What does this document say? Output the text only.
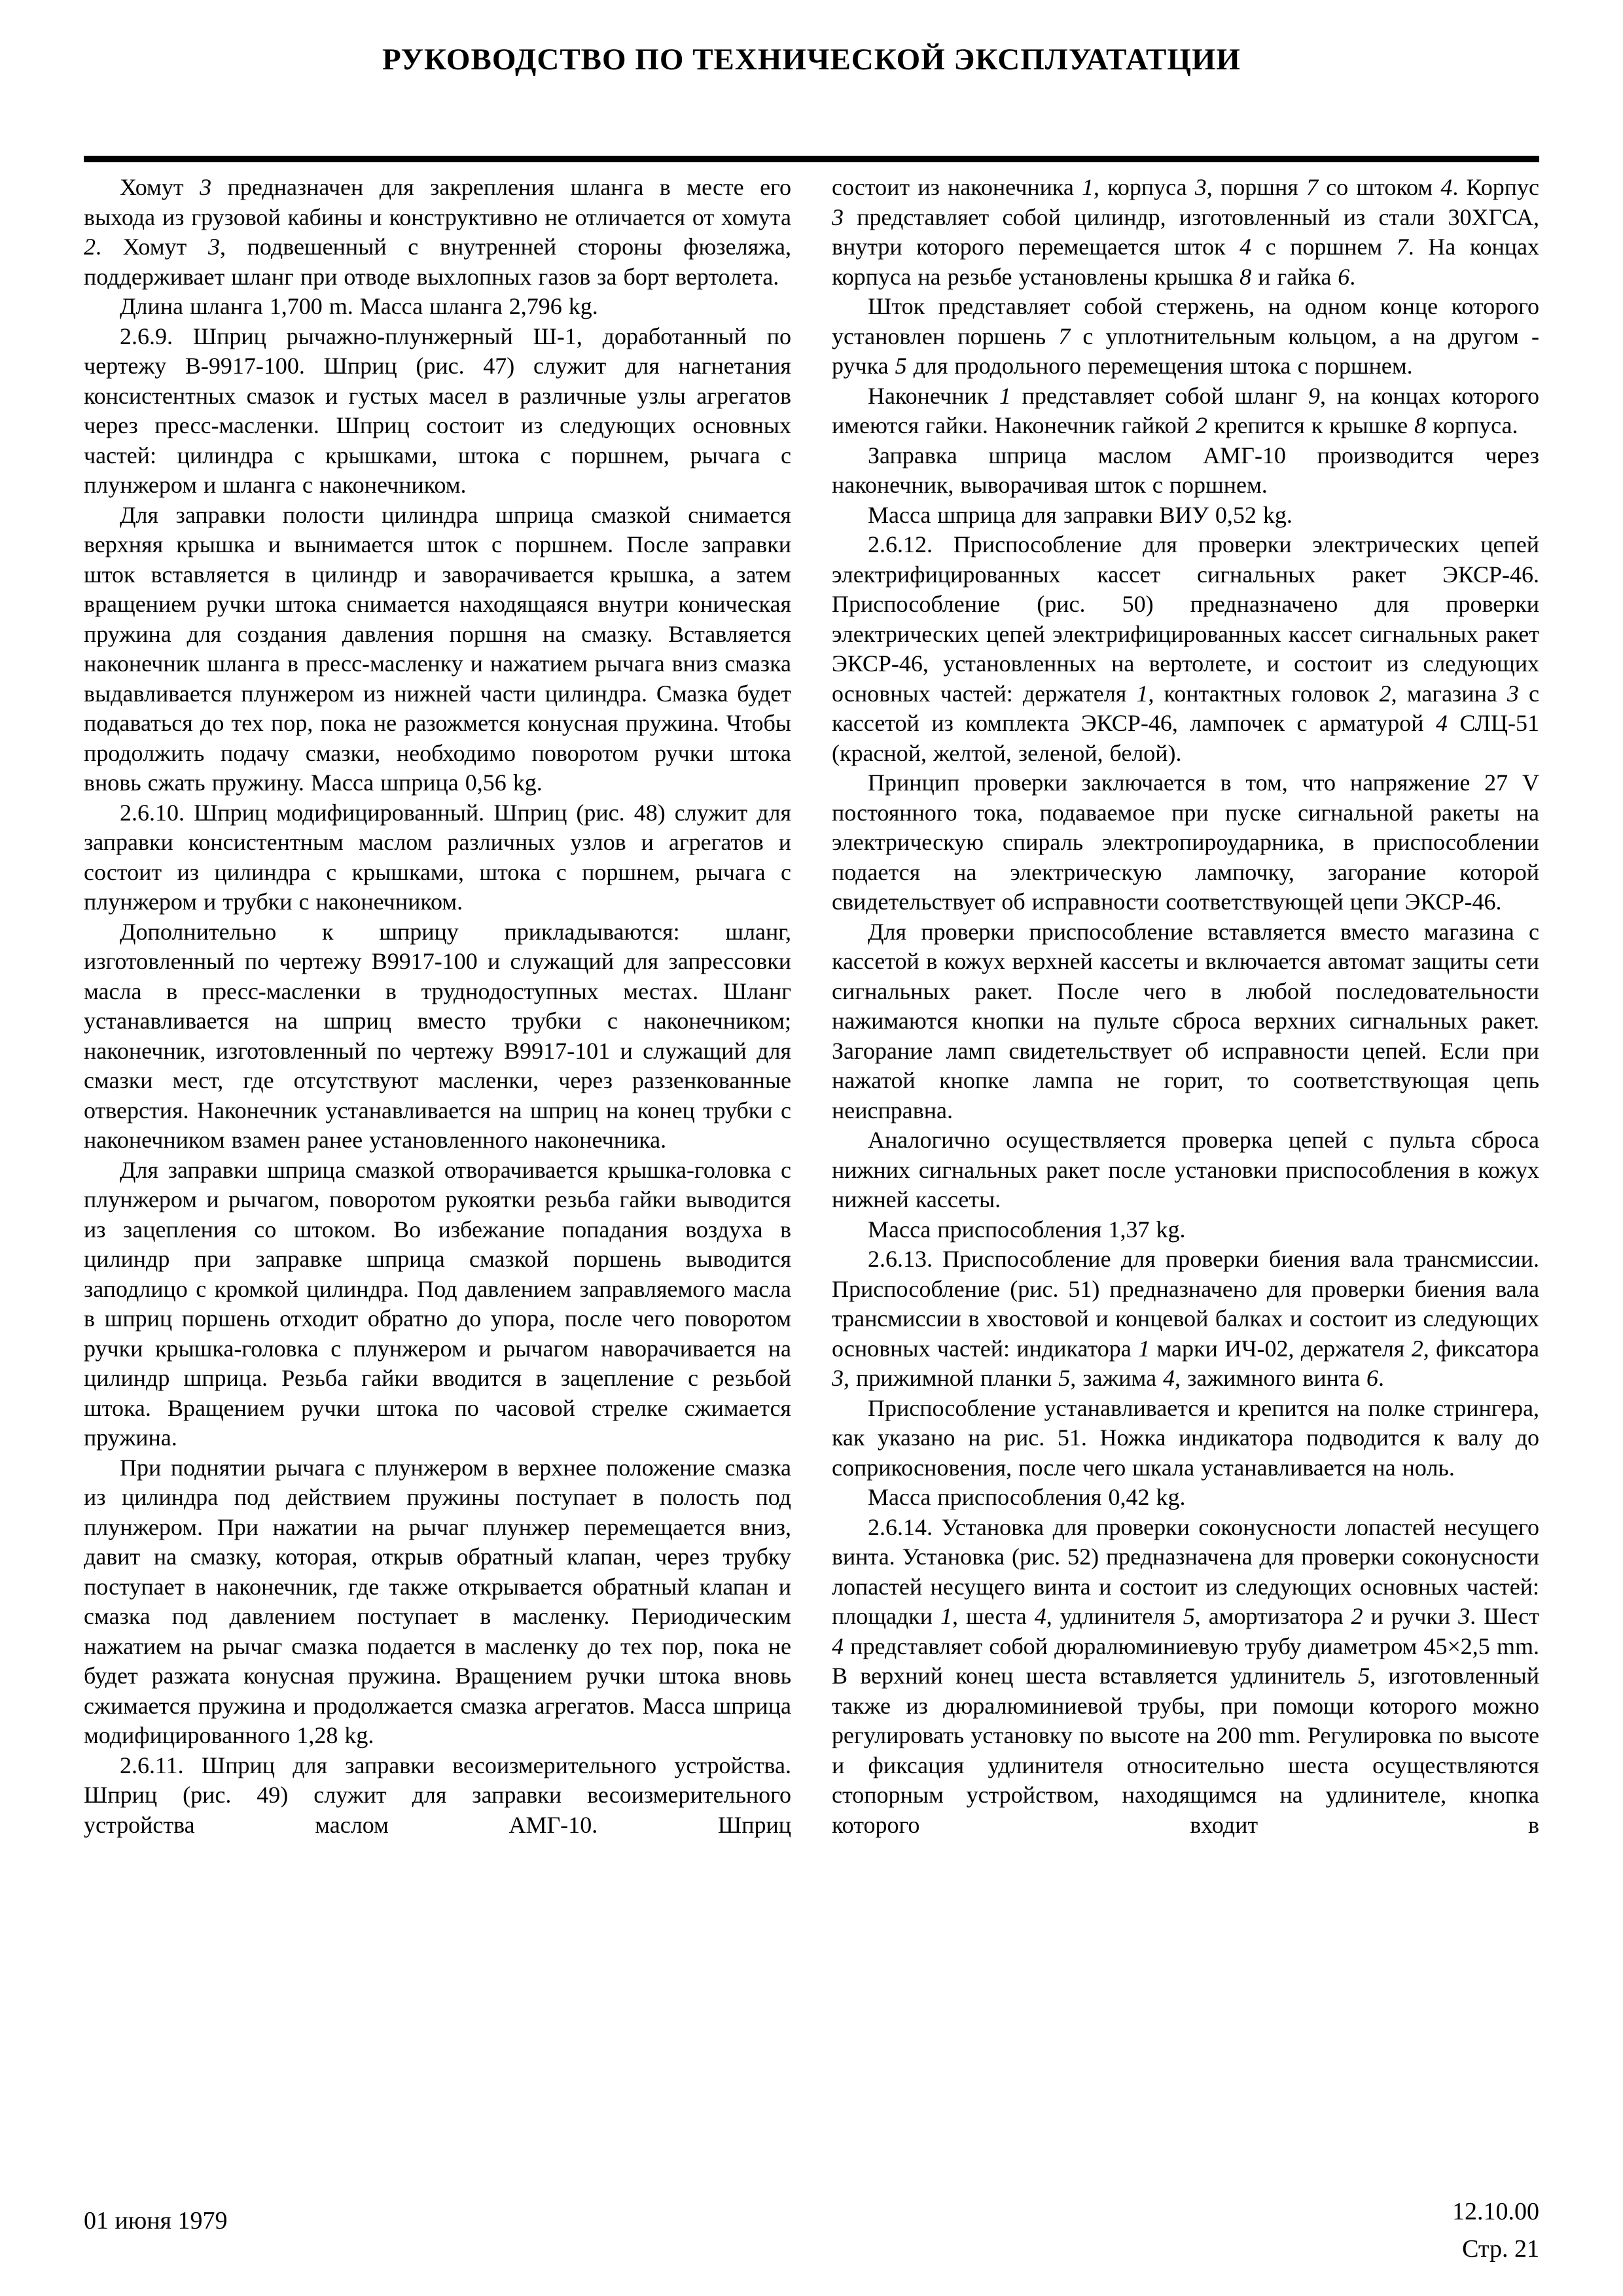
РУКОВОДСТВО ПО ТЕХНИЧЕСКОЙ ЭКСПЛУАТАТЦИИ

Хомут 3 предназначен для закрепления шланга в месте его выхода из грузовой кабины и конструктивно не отличается от хомута 2. Хомут 3, подвешенный с внутренней стороны фюзеляжа, поддерживает шланг при отводе выхлопных газов за борт вертолета.

Длина шланга 1,700 m. Масса шланга 2,796 kg.

2.6.9. Шприц рычажно-плунжерный Ш-1, доработанный по чертежу В-9917-100. Шприц (рис. 47) служит для нагнетания консистентных смазок и густых масел в различные узлы агрегатов через пресс-масленки. Шприц состоит из следующих основных частей: цилиндра с крышками, штока с поршнем, рычага с плунжером и шланга с наконечником.

Для заправки полости цилиндра шприца смазкой снимается верхняя крышка и вынимается шток с поршнем. После заправки шток вставляется в цилиндр и заворачивается крышка, а затем вращением ручки штока снимается находящаяся внутри коническая пружина для создания давления поршня на смазку. Вставляется наконечник шланга в пресс-масленку и нажатием рычага вниз смазка выдавливается плунжером из нижней части цилиндра. Смазка будет подаваться до тех пор, пока не разожмется конусная пружина. Чтобы продолжить подачу смазки, необходимо поворотом ручки штока вновь сжать пружину. Масса шприца 0,56 kg.

2.6.10. Шприц модифицированный. Шприц (рис. 48) служит для заправки консистентным маслом различных узлов и агрегатов и состоит из цилиндра с крышками, штока с поршнем, рычага с плунжером и трубки с наконечником.

Дополнительно к шприцу прикладываются: шланг, изготовленный по чертежу В9917-100 и служащий для запрессовки масла в пресс-масленки в труднодоступных местах. Шланг устанавливается на шприц вместо трубки с наконечником; наконечник, изготовленный по чертежу В9917-101 и служащий для смазки мест, где отсутствуют масленки, через раззенкованные отверстия. Наконечник устанавливается на шприц на конец трубки с наконечником взамен ранее установленного наконечника.

Для заправки шприца смазкой отворачивается крышка-головка с плунжером и рычагом, поворотом рукоятки резьба гайки выводится из зацепления со штоком. Во избежание попадания воздуха в цилиндр при заправке шприца смазкой поршень выводится заподлицо с кромкой цилиндра. Под давлением заправляемого масла в шприц поршень отходит обратно до упора, после чего поворотом ручки крышка-головка с плунжером и рычагом наворачивается на цилиндр шприца. Резьба гайки вводится в зацепление с резьбой штока. Вращением ручки штока по часовой стрелке сжимается пружина.

При поднятии рычага с плунжером в верхнее положение смазка из цилиндра под действием пружины поступает в полость под плунжером. При нажатии на рычаг плунжер перемещается вниз, давит на смазку, которая, открыв обратный клапан, через трубку поступает в наконечник, где также открывается обратный клапан и смазка под давлением поступает в масленку. Периодическим нажатием на рычаг смазка подается в масленку до тех пор, пока не будет разжата конусная пружина. Вращением ручки штока вновь сжимается пружина и продолжается смазка агрегатов. Масса шприца модифицированного 1,28 kg.

2.6.11. Шприц для заправки весоизмерительного устройства. Шприц (рис. 49) служит для заправки весоизмерительного устройства маслом АМГ-10. Шприц

состоит из наконечника 1, корпуса 3, поршня 7 со штоком 4. Корпус 3 представляет собой цилиндр, изготовленный из стали 30ХГСА, внутри которого перемещается шток 4 с поршнем 7. На концах корпуса на резьбе установлены крышка 8 и гайка 6.

Шток представляет собой стержень, на одном конце которого установлен поршень 7 с уплотнительным кольцом, а на другом - ручка 5 для продольного перемещения штока с поршнем.

Наконечник 1 представляет собой шланг 9, на концах которого имеются гайки. Наконечник гайкой 2 крепится к крышке 8 корпуса.

Заправка шприца маслом АМГ-10 производится через наконечник, выворачивая шток с поршнем.

Масса шприца для заправки ВИУ 0,52 kg.

2.6.12. Приспособление для проверки электрических цепей электрифицированных кассет сигнальных ракет ЭКСР-46. Приспособление (рис. 50) предназначено для проверки электрических цепей электрифицированных кассет сигнальных ракет ЭКСР-46, установленных на вертолете, и состоит из следующих основных частей: держателя 1, контактных головок 2, магазина 3 с кассетой из комплекта ЭКСР-46, лампочек с арматурой 4 СЛЦ-51 (красной, желтой, зеленой, белой).

Принцип проверки заключается в том, что напряжение 27 V постоянного тока, подаваемое при пуске сигнальной ракеты на электрическую спираль электропироударника, в приспособлении подается на электрическую лампочку, загорание которой свидетельствует об исправности соответствующей цепи ЭКСР-46.

Для проверки приспособление вставляется вместо магазина с кассетой в кожух верхней кассеты и включается автомат защиты сети сигнальных ракет. После чего в любой последовательности нажимаются кнопки на пульте сброса верхних сигнальных ракет. Загорание ламп свидетельствует об исправности цепей. Если при нажатой кнопке лампа не горит, то соответствующая цепь неисправна.

Аналогично осуществляется проверка цепей с пульта сброса нижних сигнальных ракет после установки приспособления в кожух нижней кассеты.

Масса приспособления 1,37 kg.

2.6.13. Приспособление для проверки биения вала трансмиссии. Приспособление (рис. 51) предназначено для проверки биения вала трансмиссии в хвостовой и концевой балках и состоит из следующих основных частей: индикатора 1 марки ИЧ-02, держателя 2, фиксатора 3, прижимной планки 5, зажима 4, зажимного винта 6.

Приспособление устанавливается и крепится на полке стрингера, как указано на рис. 51. Ножка индикатора подводится к валу до соприкосновения, после чего шкала устанавливается на ноль.

Масса приспособления 0,42 kg.

2.6.14. Установка для проверки соконусности лопастей несущего винта. Установка (рис. 52) предназначена для проверки соконусности лопастей несущего винта и состоит из следующих основных частей: площадки 1, шеста 4, удлинителя 5, амортизатора 2 и ручки 3. Шест 4 представляет собой дюралюминиевую трубу диаметром 45×2,5 mm. В верхний конец шеста вставляется удлинитель 5, изготовленный также из дюралюминиевой трубы, при помощи которого можно регулировать установку по высоте на 200 mm. Регулировка по высоте и фиксация удлинителя относительно шеста осуществляются стопорным устройством, находящимся на удлинителе, кнопка которого входит в

01 июня 1979	12.10.00
Стр. 21
